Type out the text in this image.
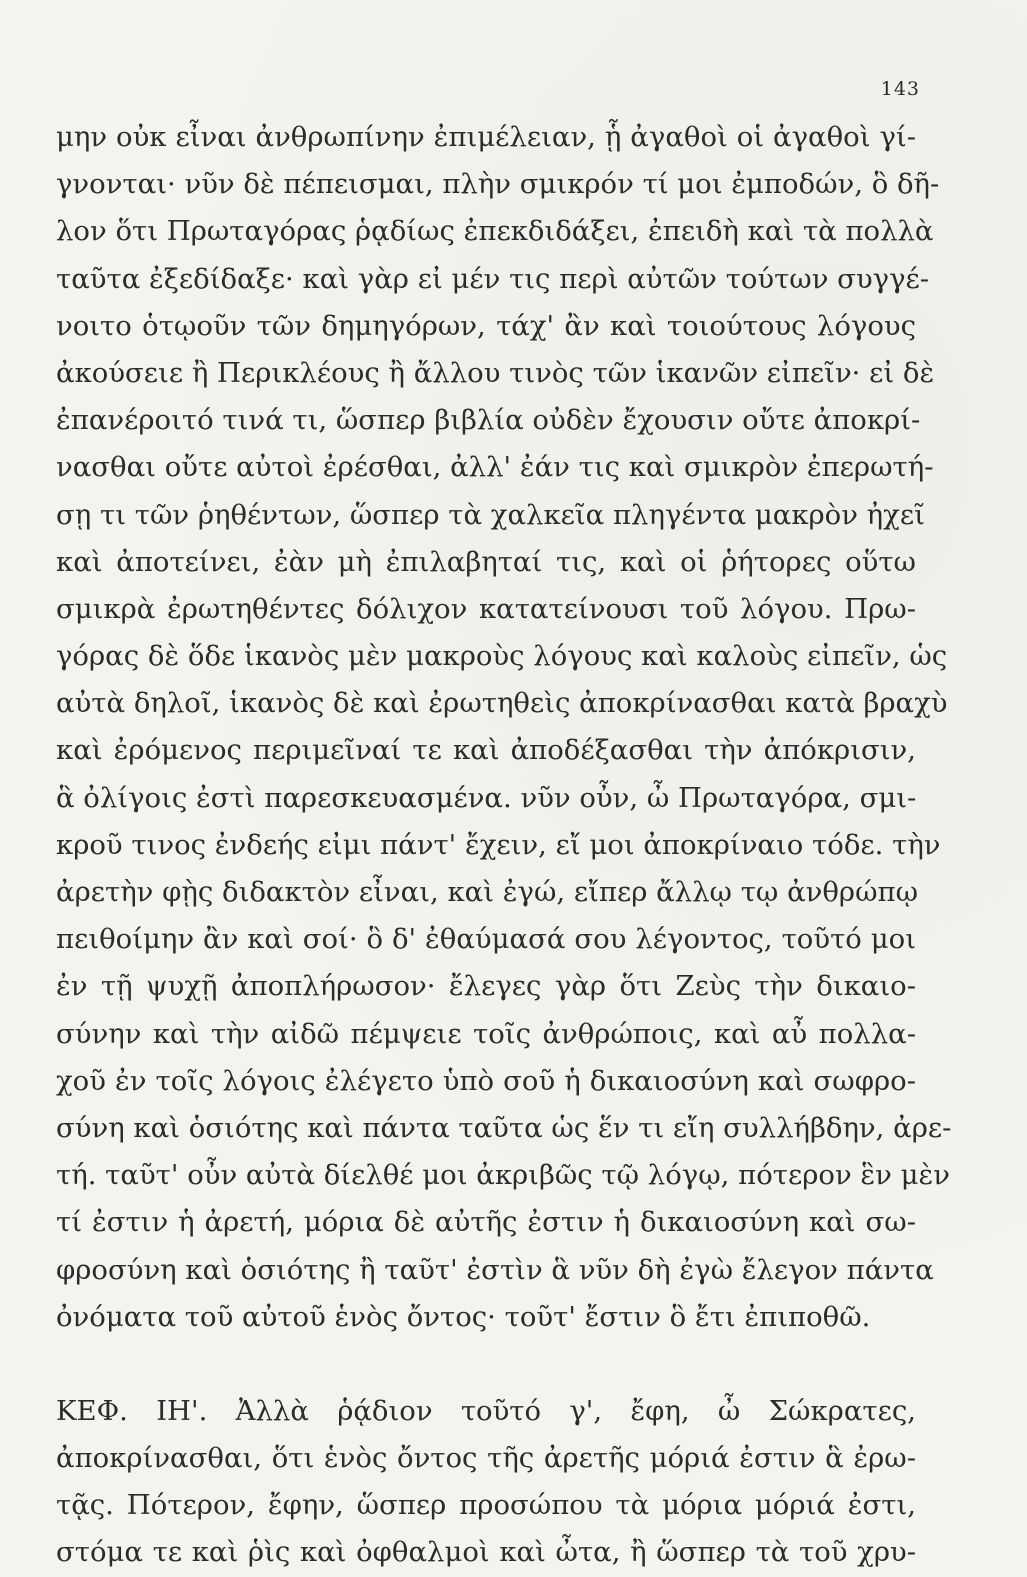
143
μην οὐκ εἶναι ἀνθρωπίνην ἐπιμέλειαν, ᾗ ἀγαθοὶ οἱ ἀγαθοὶ γί-
γνονται· νῦν δὲ πέπεισμαι, πλὴν σμικρόν τί μοι ἐμποδών, ὃ δῆ-
λον ὅτι Πρωταγόρας ῥᾳδίως ἐπεκδιδάξει, ἐπειδὴ καὶ τὰ πολλὰ
ταῦτα ἐξεδίδαξε· καὶ γὰρ εἰ μέν τις περὶ αὐτῶν τούτων συγγέ-
νοιτο ὁτῳοῦν τῶν δημηγόρων, τάχ' ἂν καὶ τοιούτους λόγους
ἀκούσειε ἢ Περικλέους ἢ ἄλλου τινὸς τῶν ἱκανῶν εἰπεῖν· εἰ δὲ
ἐπανέροιτό τινά τι, ὥσπερ βιβλία οὐδὲν ἔχουσιν οὔτε ἀποκρί-
νασθαι οὔτε αὐτοὶ ἐρέσθαι, ἀλλ' ἐάν τις καὶ σμικρὸν ἐπερωτή-
σῃ τι τῶν ῥηθέντων, ὥσπερ τὰ χαλκεῖα πληγέντα μακρὸν ἠχεῖ
καὶ ἀποτείνει, ἐὰν μὴ ἐπιλαβηταί τις, καὶ οἱ ῥήτορες οὕτω
σμικρὰ ἐρωτηθέντες δόλιχον κατατείνουσι τοῦ λόγου. Πρω-
γόρας δὲ ὅδε ἱκανὸς μὲν μακροὺς λόγους καὶ καλοὺς εἰπεῖν, ὡς
αὐτὰ δηλοῖ, ἱκανὸς δὲ καὶ ἐρωτηθεὶς ἀποκρίνασθαι κατὰ βραχὺ
καὶ ἐρόμενος περιμεῖναί τε καὶ ἀποδέξασθαι τὴν ἀπόκρισιν,
ἃ ὀλίγοις ἐστὶ παρεσκευασμένα. νῦν οὖν, ὦ Πρωταγόρα, σμι-
κροῦ τινος ἐνδεής εἰμι πάντ' ἔχειν, εἴ μοι ἀποκρίναιο τόδε. τὴν
ἀρετὴν φῂς διδακτὸν εἶναι, καὶ ἐγώ, εἴπερ ἄλλῳ τῳ ἀνθρώπῳ
πειθοίμην ἂν καὶ σοί· ὃ δ' ἐθαύμασά σου λέγοντος, τοῦτό μοι
ἐν τῇ ψυχῇ ἀποπλήρωσον· ἔλεγες γὰρ ὅτι Ζεὺς τὴν δικαιο-
σύνην καὶ τὴν αἰδῶ πέμψειε τοῖς ἀνθρώποις, καὶ αὖ πολλα-
χοῦ ἐν τοῖς λόγοις ἐλέγετο ὑπὸ σοῦ ἡ δικαιοσύνη καὶ σωφρο-
σύνη καὶ ὁσιότης καὶ πάντα ταῦτα ὡς ἕν τι εἴη συλλήβδην, ἀρε-
τή. ταῦτ' οὖν αὐτὰ δίελθέ μοι ἀκριβῶς τῷ λόγῳ, πότερον ἓν μὲν
τί ἐστιν ἡ ἀρετή, μόρια δὲ αὐτῆς ἐστιν ἡ δικαιοσύνη καὶ σω-
φροσύνη καὶ ὁσιότης ἢ ταῦτ' ἐστὶν ἃ νῦν δὴ ἐγὼ ἔλεγον πάντα
ὀνόματα τοῦ αὐτοῦ ἑνὸς ὄντος· τοῦτ' ἔστιν ὃ ἔτι ἐπιποθῶ.
ΚΕΦ. ΙΗ'. Ἀλλὰ ῥᾴδιον τοῦτό γ', ἔφη, ὦ Σώκρατες,
ἀποκρίνασθαι, ὅτι ἑνὸς ὄντος τῆς ἀρετῆς μόριά ἐστιν ἃ ἐρω-
τᾷς. Πότερον, ἔφην, ὥσπερ προσώπου τὰ μόρια μόριά ἐστι,
στόμα τε καὶ ῥὶς καὶ ὀφθαλμοὶ καὶ ὦτα, ἢ ὥσπερ τὰ τοῦ χρυ-
